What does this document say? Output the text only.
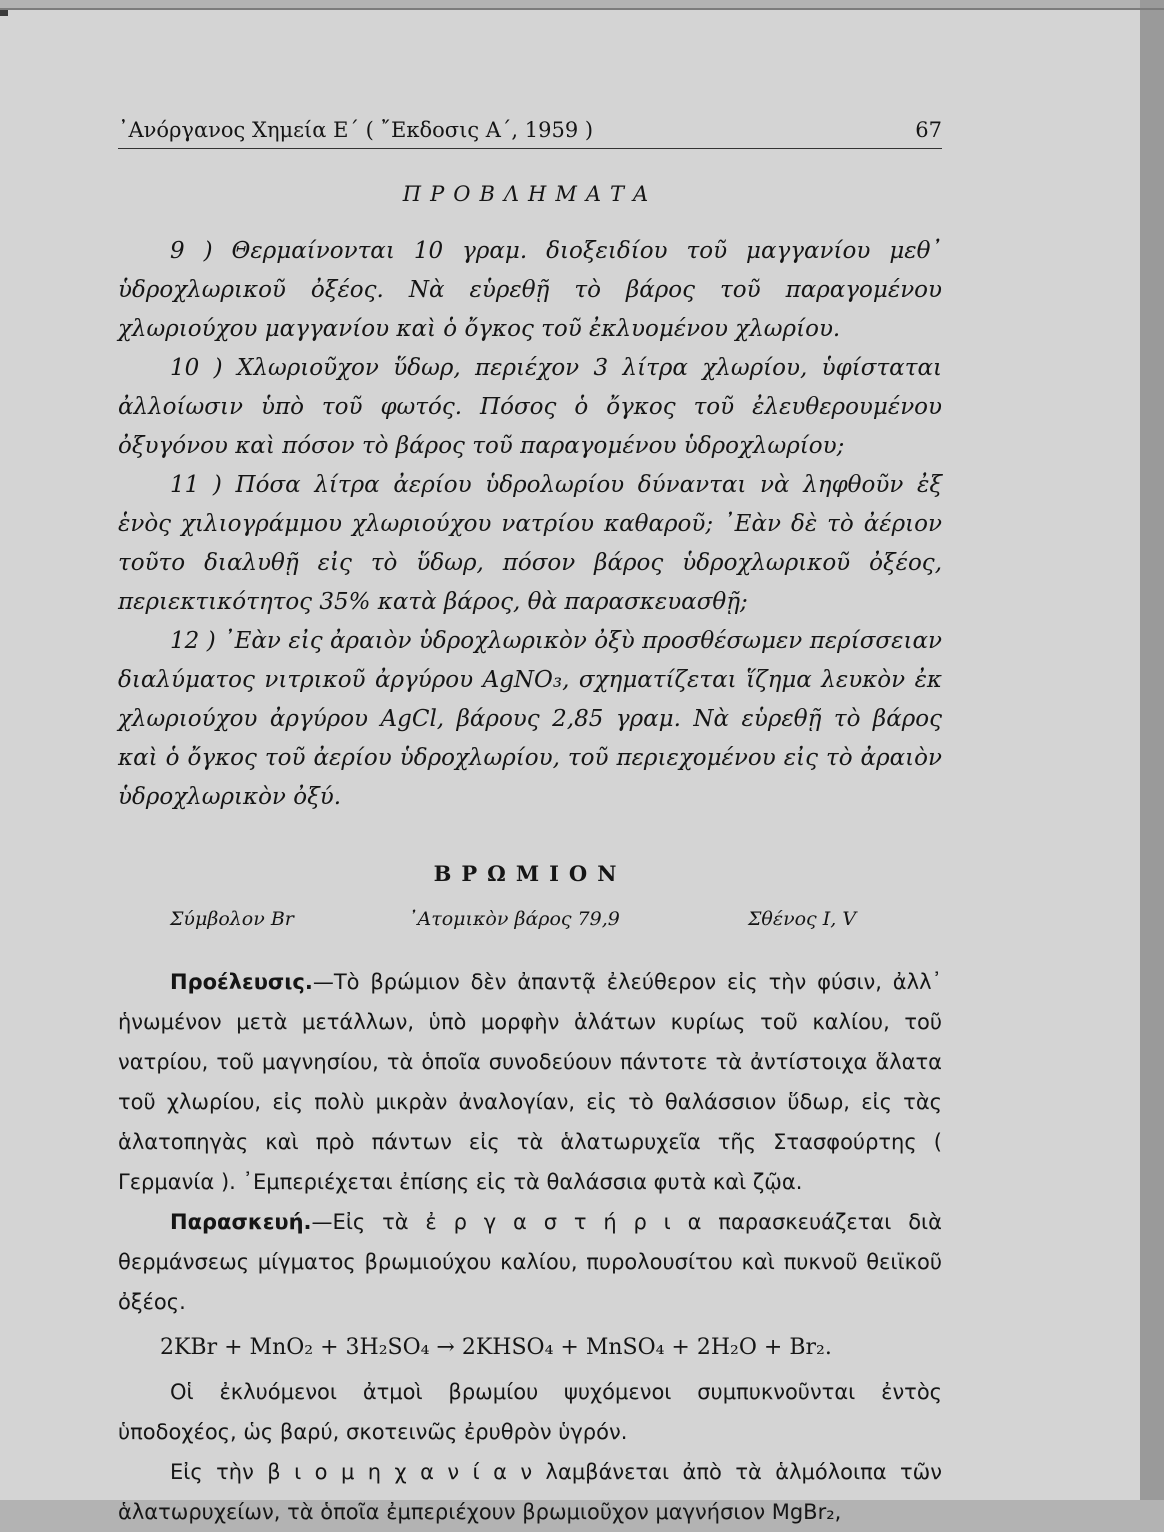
᾿Ανόργανος Χημεία Ε΄ ( ῎Εκδοσις Α΄, 1959 )	67
ΠΡΟΒΛΗΜΑΤΑ

9 ) Θερμαίνονται 10 γραμ. διοξειδίου τοῦ μαγγανίου μεθ᾿ ὑδροχλωρικοῦ ὀξέος. Νὰ εὑρεθῇ τὸ βάρος τοῦ παραγομένου χλωριούχου μαγγανίου καὶ ὁ ὄγκος τοῦ ἐκλυομένου χλωρίου.

10 ) Χλωριοῦχον ὕδωρ, περιέχον 3 λίτρα χλωρίου, ὑφίσταται ἀλλοίωσιν ὑπὸ τοῦ φωτός. Πόσος ὁ ὄγκος τοῦ ἐλευθερουμένου ὀξυγόνου καὶ πόσον τὸ βάρος τοῦ παραγομένου ὑδροχλωρίου;

11 ) Πόσα λίτρα ἀερίου ὑδρολωρίου δύνανται νὰ ληφθοῦν ἐξ ἑνὸς χιλιογράμμου χλωριούχου νατρίου καθαροῦ; ᾿Εὰν δὲ τὸ ἀέριον τοῦτο διαλυθῇ εἰς τὸ ὕδωρ, πόσον βάρος ὑδροχλωρικοῦ ὀξέος, περιεκτικότητος 35% κατὰ βάρος, θὰ παρασκευασθῇ;

12 ) ᾿Εὰν εἰς ἀραιὸν ὑδροχλωρικὸν ὀξὺ προσθέσωμεν περίσσειαν διαλύματος νιτρικοῦ ἀργύρου AgNO₃, σχηματίζεται ἵζημα λευκὸν ἐκ χλωριούχου ἀργύρου AgCl, βάρους 2,85 γραμ. Νὰ εὑρεθῇ τὸ βάρος καὶ ὁ ὄγκος τοῦ ἀερίου ὑδροχλωρίου, τοῦ περιεχομένου εἰς τὸ ἀραιὸν ὑδροχλωρικὸν ὀξύ.

ΒΡΩΜΙΟΝ
Σύμβολον Br	᾿Ατομικὸν βάρος 79,9	Σθένος I, V

Προέλευσις.—Τὸ βρώμιον δὲν ἀπαντᾷ ἐλεύθερον εἰς τὴν φύσιν, ἀλλ᾿ ἡνωμένον μετὰ μετάλλων, ὑπὸ μορφὴν ἁλάτων κυρίως τοῦ καλίου, τοῦ νατρίου, τοῦ μαγνησίου, τὰ ὁποῖα συνοδεύουν πάντοτε τὰ ἀντίστοιχα ἅλατα τοῦ χλωρίου, εἰς πολὺ μικρὰν ἀναλογίαν, εἰς τὸ θαλάσσιον ὕδωρ, εἰς τὰς ἁλατοπηγὰς καὶ πρὸ πάντων εἰς τὰ ἁλατωρυχεῖα τῆς Στασφούρτης ( Γερμανία ). ᾿Εμπεριέχεται ἐπίσης εἰς τὰ θαλάσσια φυτὰ καὶ ζῷα.

Παρασκευή.—Εἰς τὰ ἐ ρ γ α σ τ ή ρ ι α παρασκευάζεται διὰ θερμάνσεως μίγματος βρωμιούχου καλίου, πυρολουσίτου καὶ πυκνοῦ θειϊκοῦ ὀξέος.

2KBr + MnO₂ + 3H₂SO₄ → 2KHSO₄ + MnSO₄ + 2H₂O + Br₂.

Οἱ ἐκλυόμενοι ἀτμοὶ βρωμίου ψυχόμενοι συμπυκνοῦνται ἐντὸς ὑποδοχέος, ὡς βαρύ, σκοτεινῶς ἐρυθρὸν ὑγρόν.

Εἰς τὴν β ι ο μ η χ α ν ί α ν λαμβάνεται ἀπὸ τὰ ἁλμόλοιπα τῶν ἁλατωρυχείων, τὰ ὁποῖα ἐμπεριέχουν βρωμιοῦχον μαγνήσιον MgBr₂,
